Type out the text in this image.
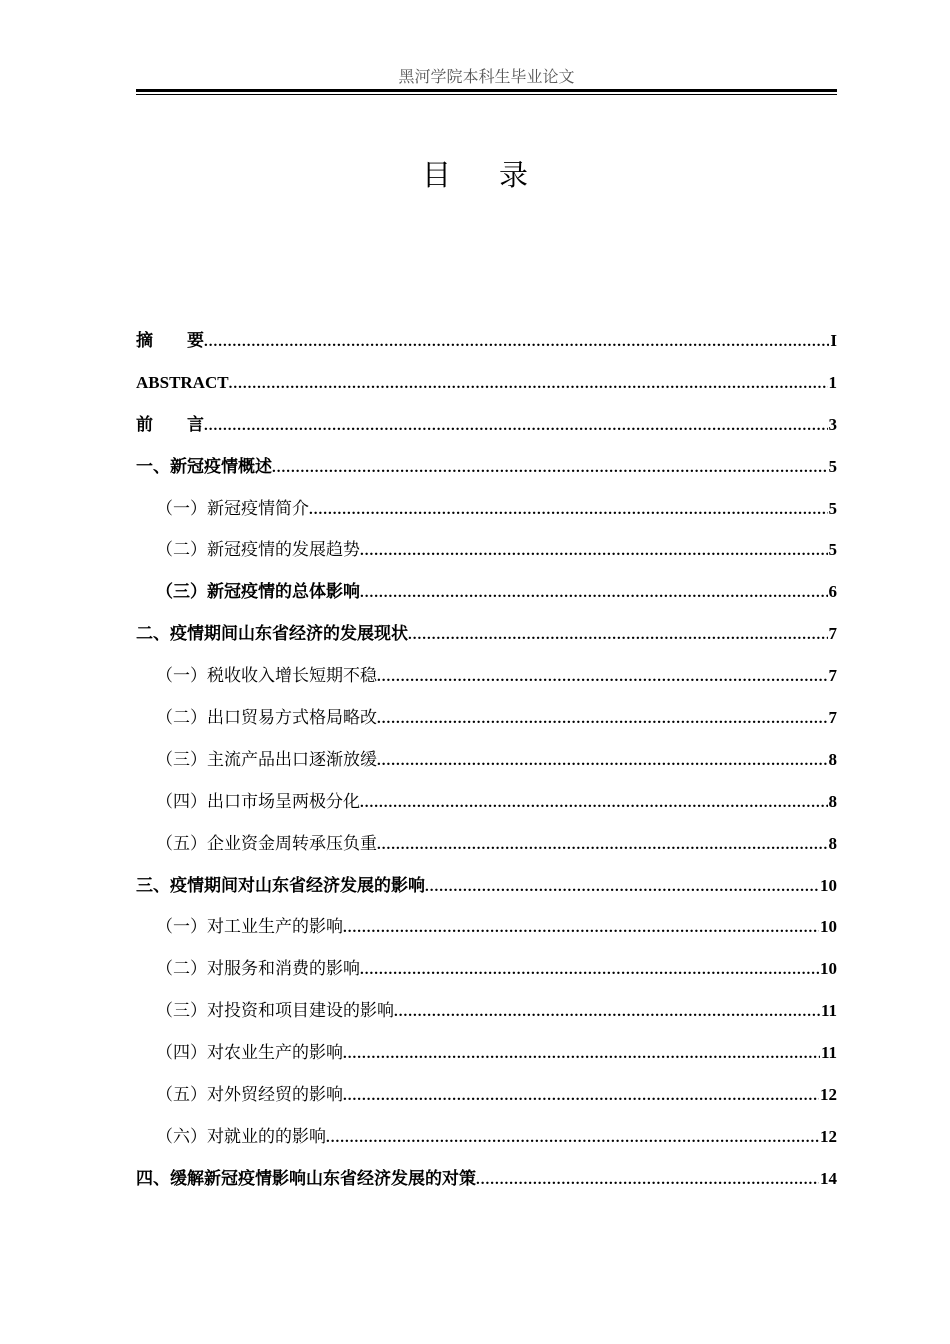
黑河学院本科生毕业论文
目录
摘要 .....	I
ABSTRACT .....	1
前言 .....	3
一、新冠疫情概述 .....	5
（一）新冠疫情简介 .....	5
（二）新冠疫情的发展趋势 .....	5
（三）新冠疫情的总体影响 .....	6
二、疫情期间山东省经济的发展现状 .....	7
（一）税收收入增长短期不稳 .....	7
（二）出口贸易方式格局略改 .....	7
（三）主流产品出口逐渐放缓 .....	8
（四）出口市场呈两极分化 .....	8
（五）企业资金周转承压负重 .....	8
三、疫情期间对山东省经济发展的影响 .....	10
（一）对工业生产的影响 .....	10
（二）对服务和消费的影响 .....	10
（三）对投资和项目建设的影响 .....	11
（四）对农业生产的影响 .....	11
（五）对外贸经贸的影响 .....	12
（六）对就业的的影响 .....	12
四、缓解新冠疫情影响山东省经济发展的对策 .....	14
